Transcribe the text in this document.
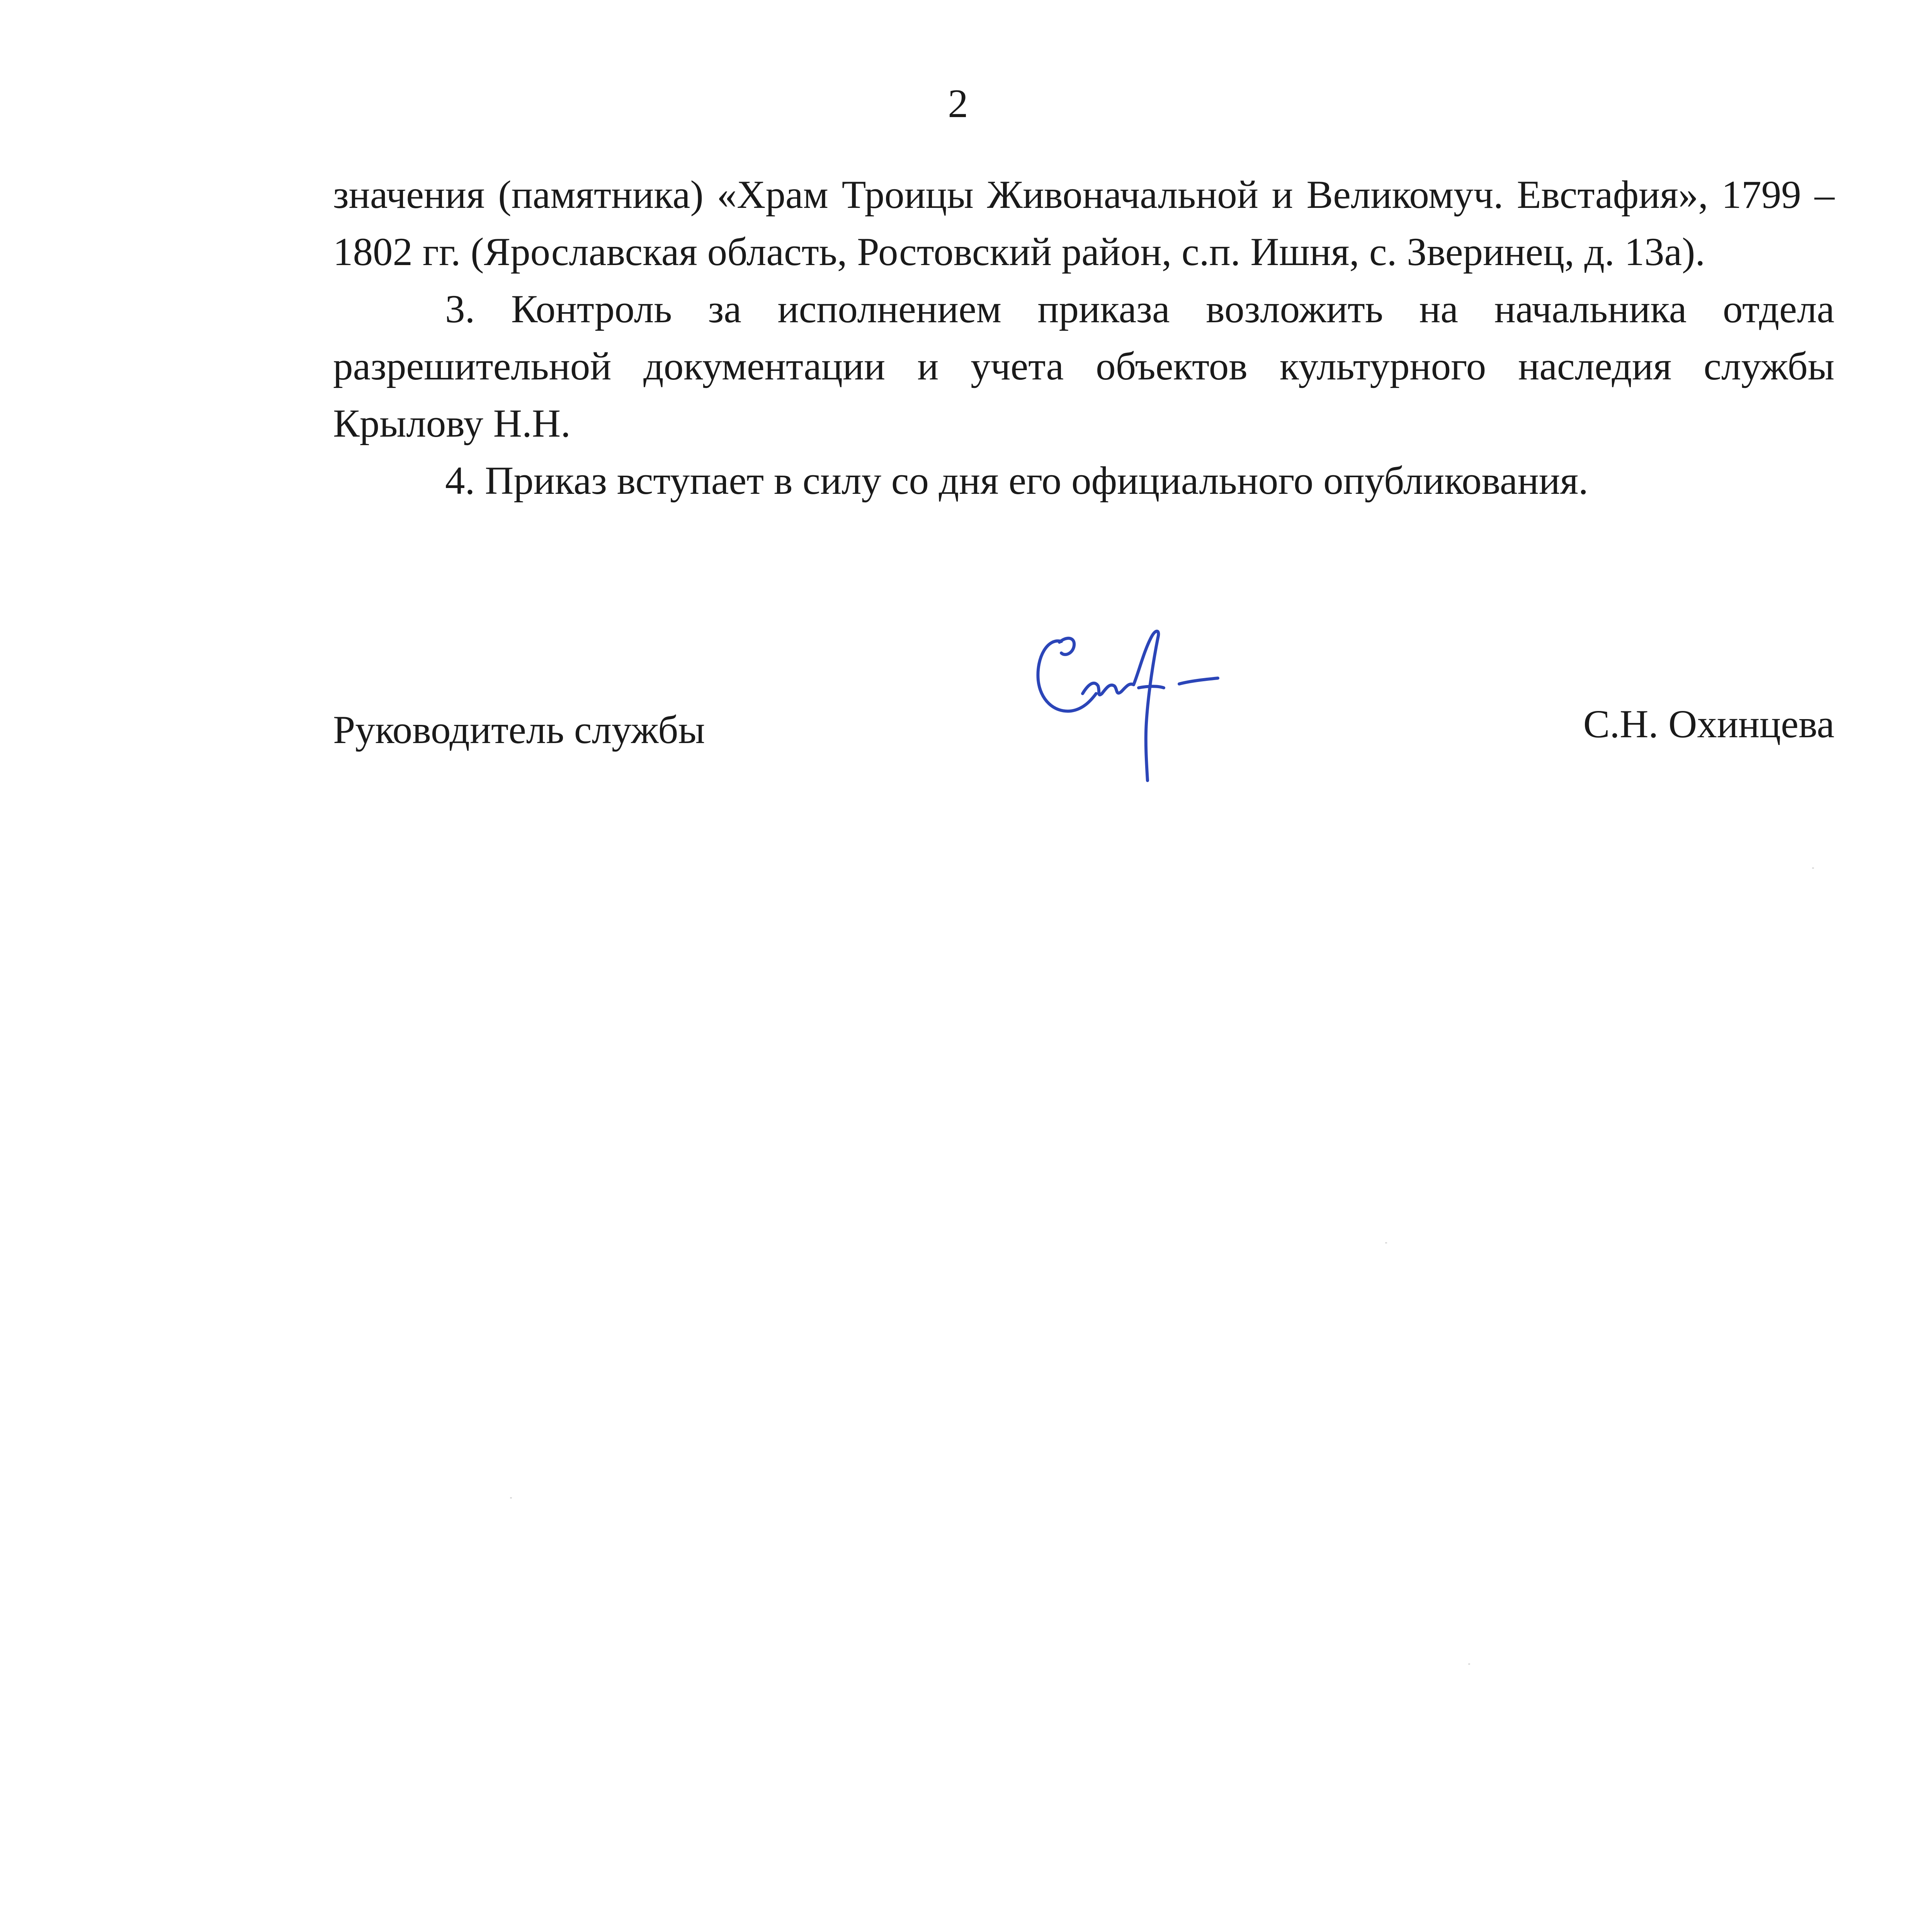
2

значения (памятника) «Храм Троицы Живоначальной и Великомуч. Евстафия», 1799 – 1802 гг. (Ярославская область, Ростовский район, с.п. Ишня, с. Зверинец, д. 13а).

3. Контроль за исполнением приказа возложить на начальника отдела разрешительной документации и учета объектов культурного наследия службы Крылову Н.Н.

4. Приказ вступает в силу со дня его официального опубликования.

Руководитель службы	С.Н. Охинцева
